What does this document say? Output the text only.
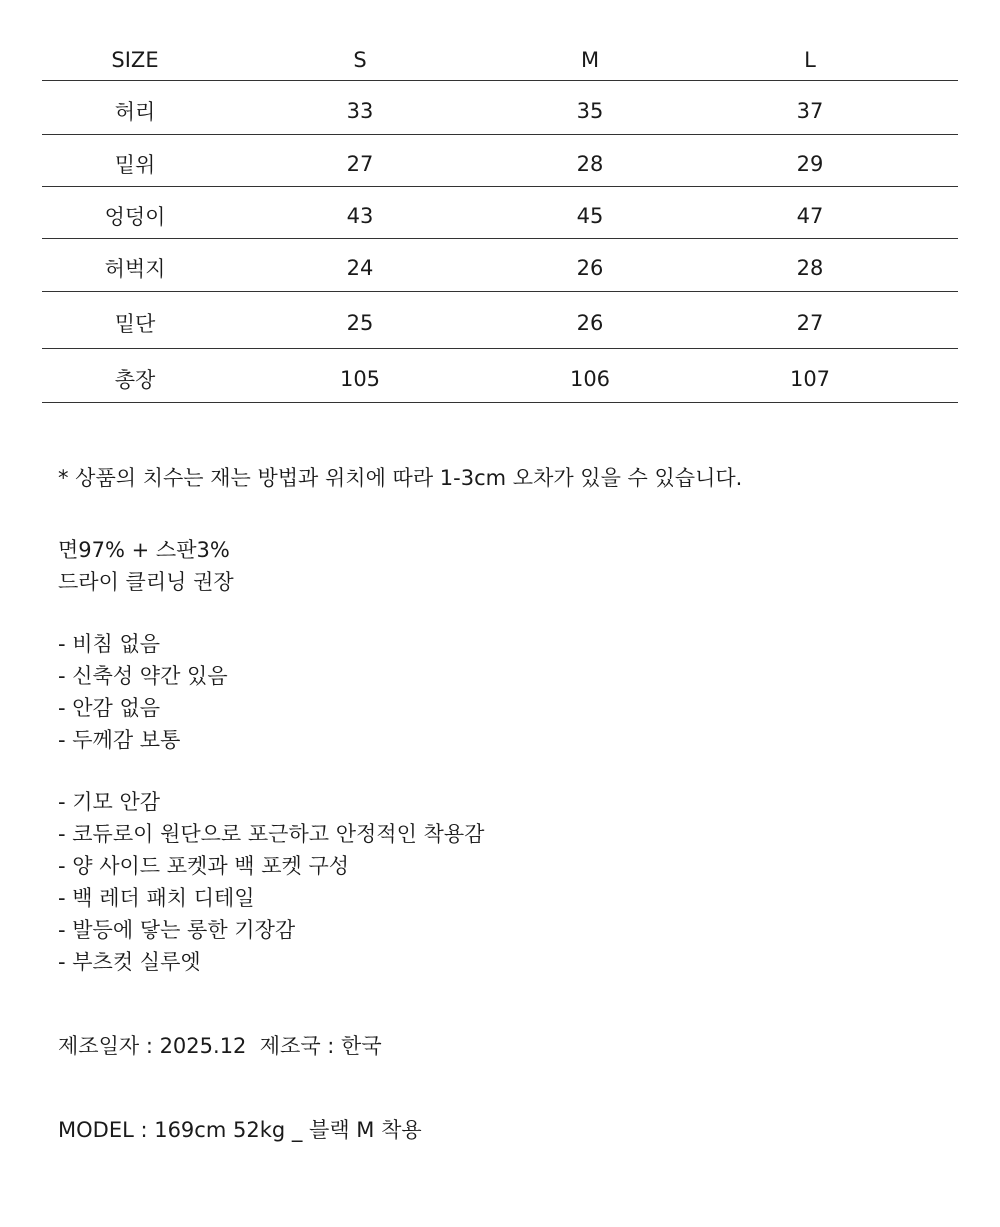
SIZE	S	M	L
허리	33	35	37
밑위	27	28	29
엉덩이	43	45	47
허벅지	24	26	28
밑단	25	26	27
총장	105	106	107
* 상품의 치수는 재는 방법과 위치에 따라 1-3cm 오차가 있을 수 있습니다.
면97% + 스판3%
드라이 클리닝 권장
- 비침 없음
- 신축성 약간 있음
- 안감 없음
- 두께감 보통
- 기모 안감
- 코듀로이 원단으로 포근하고 안정적인 착용감
- 양 사이드 포켓과 백 포켓 구성
- 백 레더 패치 디테일
- 발등에 닿는 롱한 기장감
- 부츠컷 실루엣
제조일자 : 2025.12  제조국 : 한국
MODEL : 169cm 52kg _ 블랙 M 착용
